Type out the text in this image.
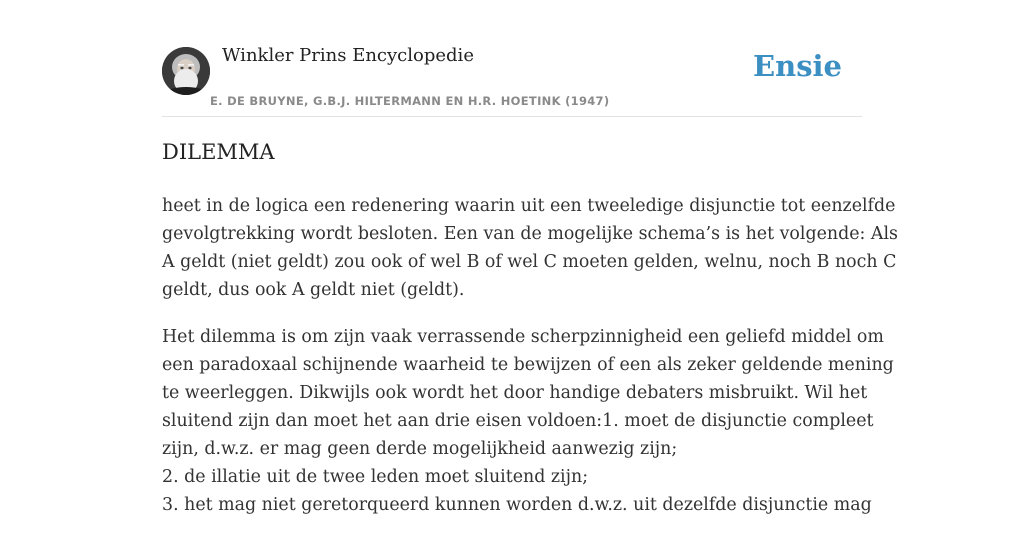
Winkler Prins Encyclopedie
E. DE BRUYNE, G.B.J. HILTERMANN EN H.R. HOETINK (1947)
Ensie
DILEMMA

heet in de logica een redenering waarin uit een tweeledige disjunctie tot eenzelfde
gevolgtrekking wordt besloten. Een van de mogelijke schema’s is het volgende: Als
A geldt (niet geldt) zou ook of wel B of wel C moeten gelden, welnu, noch B noch C
geldt, dus ook A geldt niet (geldt).

Het dilemma is om zijn vaak verrassende scherpzinnigheid een geliefd middel om
een paradoxaal schijnende waarheid te bewijzen of een als zeker geldende mening
te weerleggen. Dikwijls ook wordt het door handige debaters misbruikt. Wil het
sluitend zijn dan moet het aan drie eisen voldoen:1. moet de disjunctie compleet
zijn, d.w.z. er mag geen derde mogelijkheid aanwezig zijn;
2. de illatie uit de twee leden moet sluitend zijn;
3. het mag niet geretorqueerd kunnen worden d.w.z. uit dezelfde disjunctie mag
